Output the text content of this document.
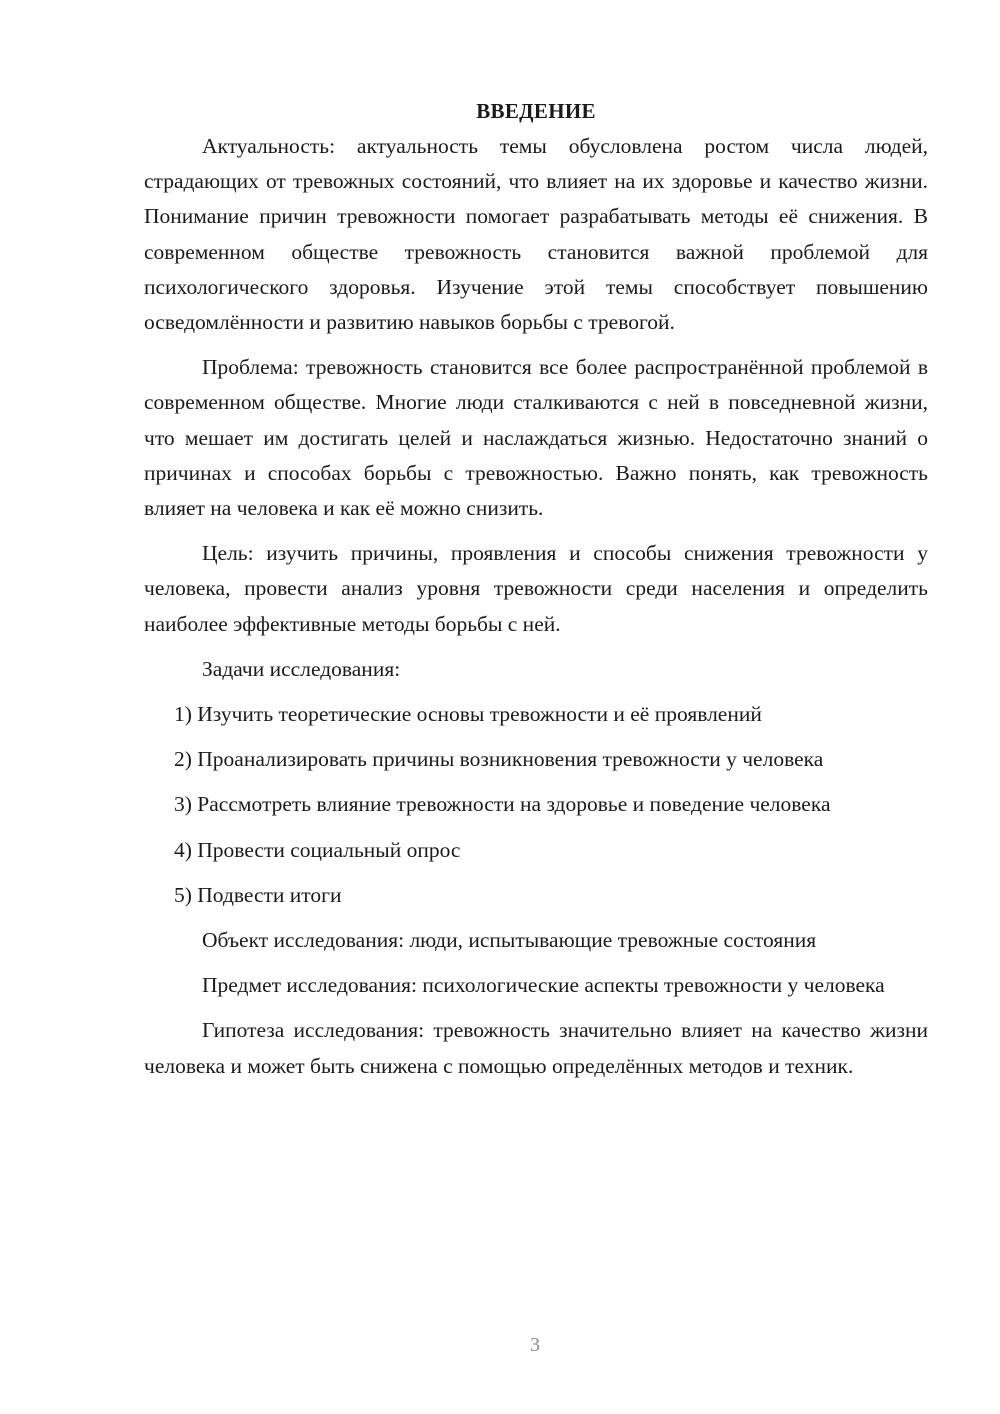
ВВЕДЕНИЕ

Актуальность: актуальность темы обусловлена ростом числа людей, страдающих от тревожных состояний, что влияет на их здоровье и качество жизни. Понимание причин тревожности помогает разрабатывать методы её снижения. В современном обществе тревожность становится важной проблемой для психологического здоровья. Изучение этой темы способствует повышению осведомлённости и развитию навыков борьбы с тревогой.

Проблема: тревожность становится все более распространённой проблемой в современном обществе. Многие люди сталкиваются с ней в повседневной жизни, что мешает им достигать целей и наслаждаться жизнью. Недостаточно знаний о причинах и способах борьбы с тревожностью. Важно понять, как тревожность влияет на человека и как её можно снизить.

Цель: изучить причины, проявления и способы снижения тревожности у человека, провести анализ уровня тревожности среди населения и определить наиболее эффективные методы борьбы с ней.

Задачи исследования:

1) Изучить теоретические основы тревожности и её проявлений

2) Проанализировать причины возникновения тревожности у человека

3) Рассмотреть влияние тревожности на здоровье и поведение человека

4) Провести социальный опрос

5) Подвести итоги

Объект исследования: люди, испытывающие тревожные состояния

Предмет исследования: психологические аспекты тревожности у человека

Гипотеза исследования: тревожность значительно влияет на качество жизни человека и может быть снижена с помощью определённых методов и техник.

3
